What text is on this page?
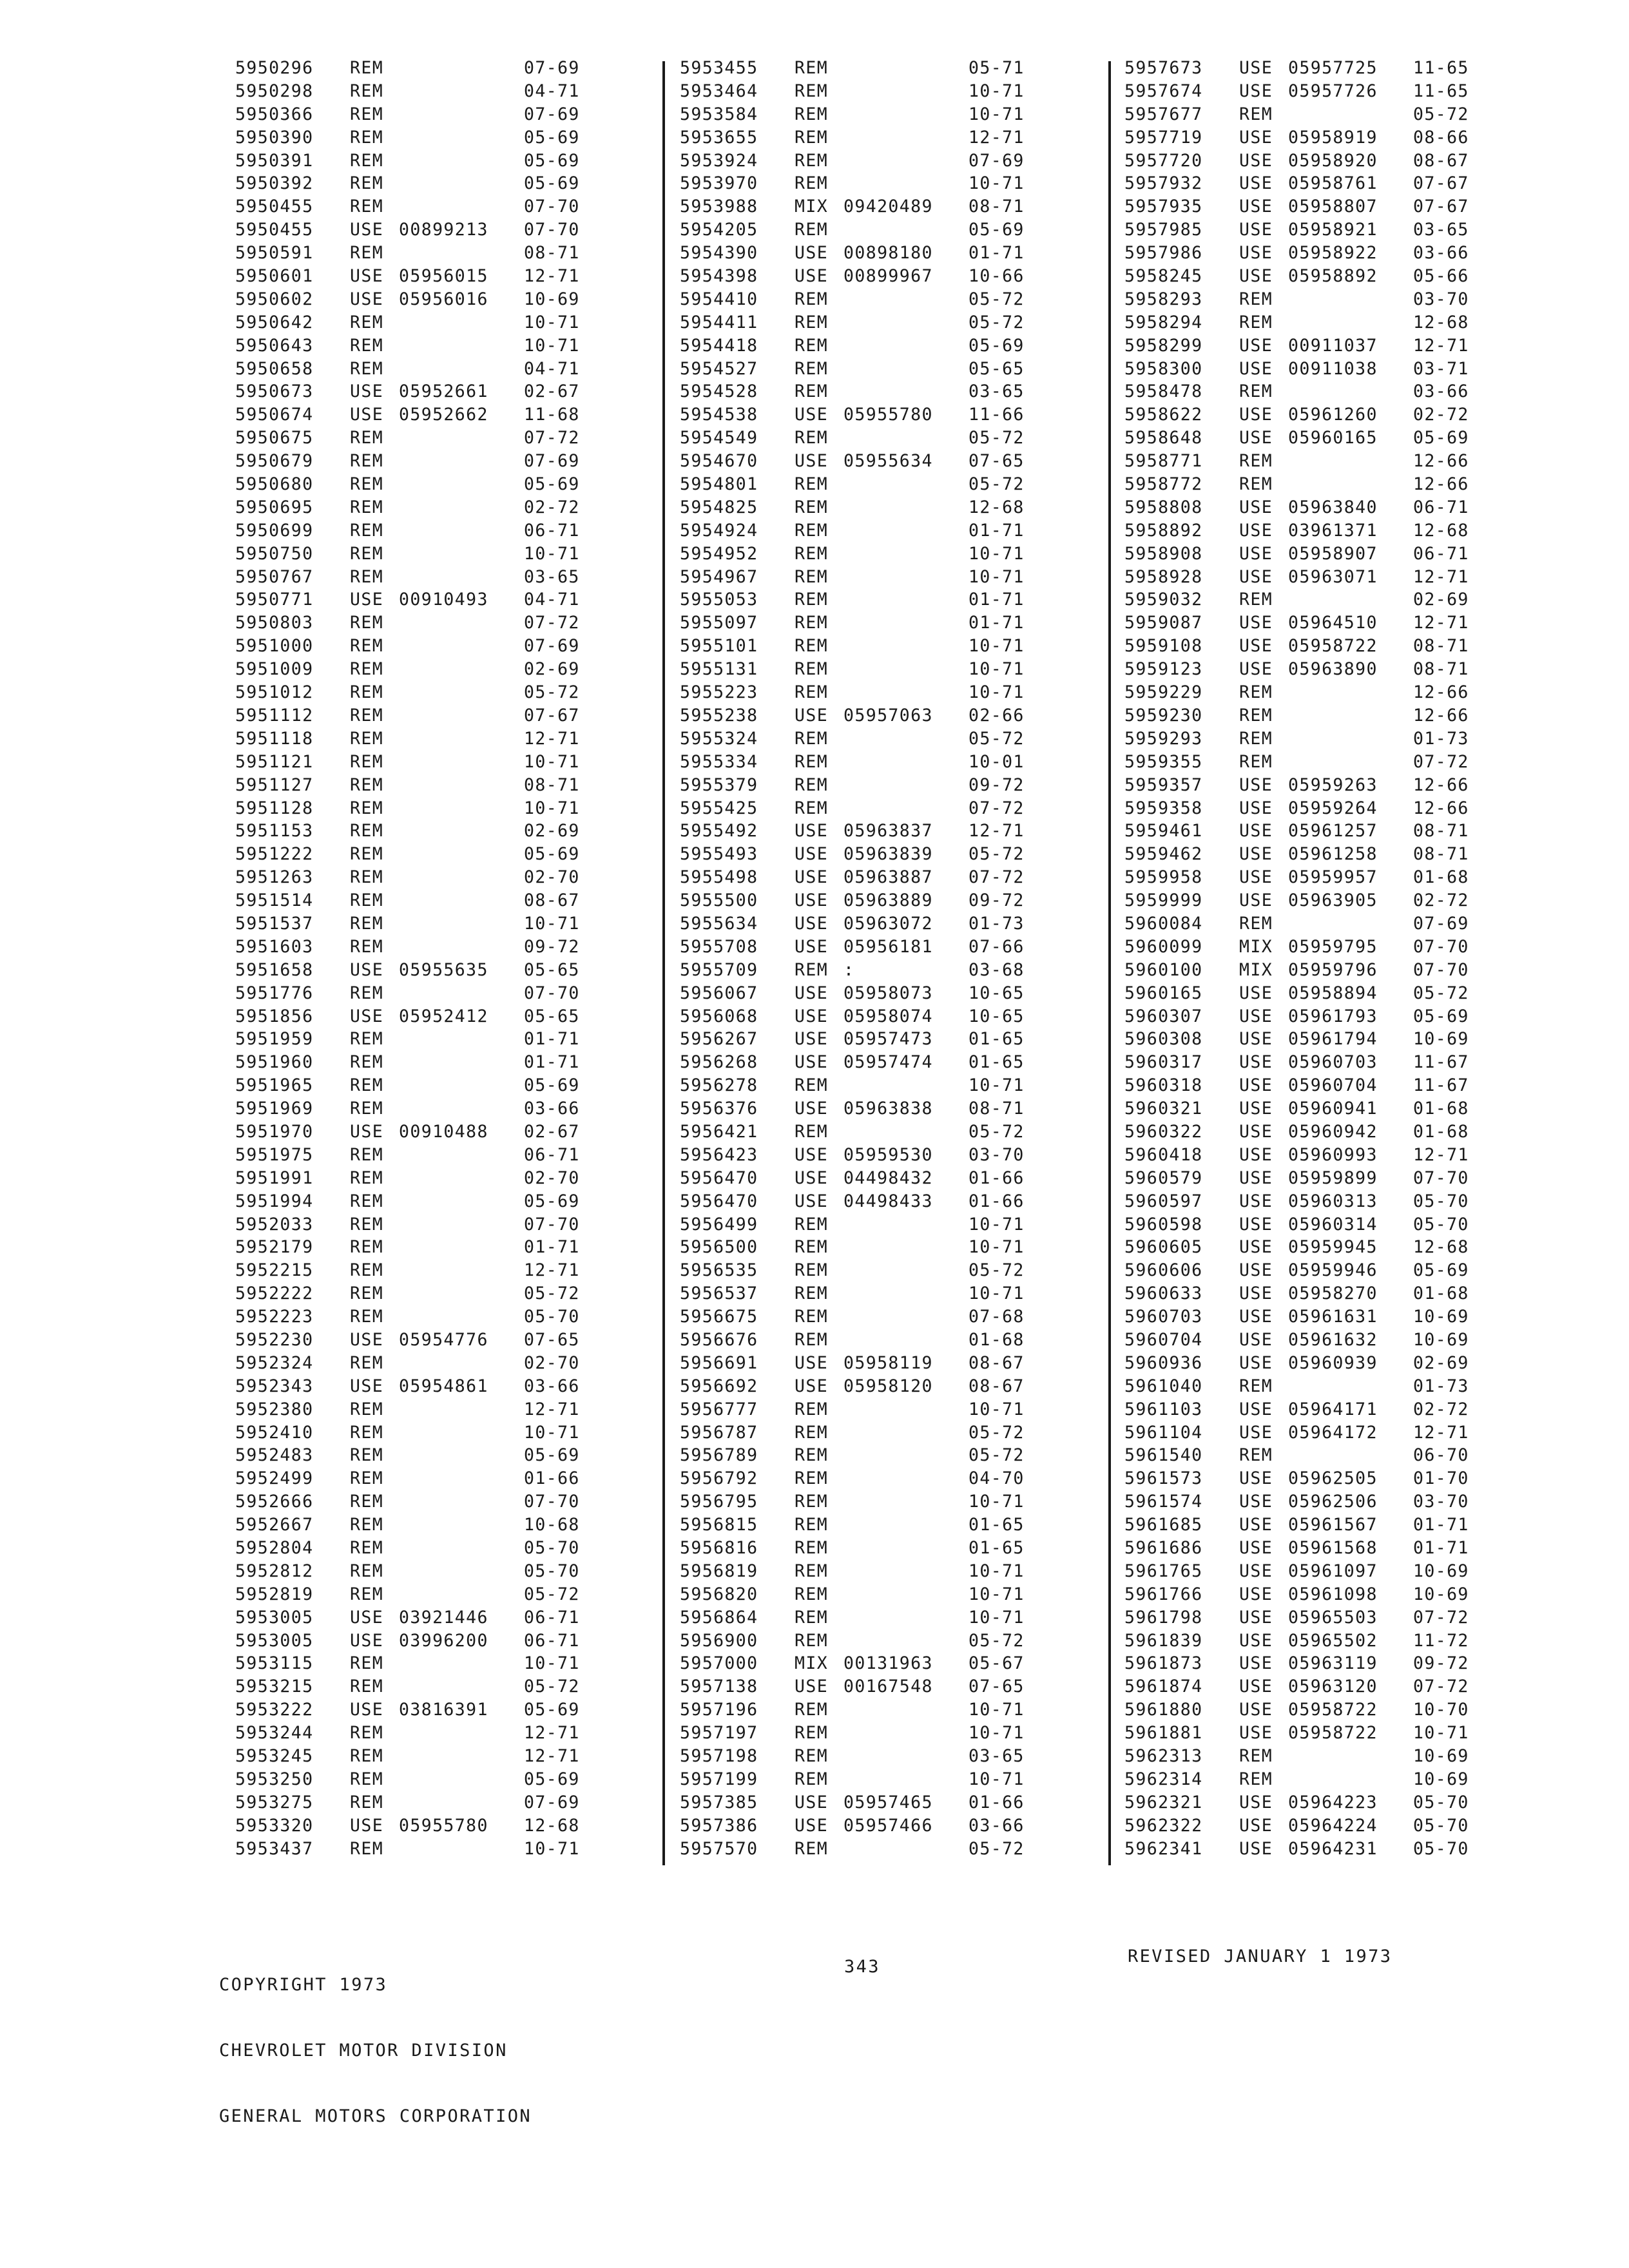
5950296	REM	07-69
5950298	REM	04-71
5950366	REM	07-69
5950390	REM	05-69
5950391	REM	05-69
5950392	REM	05-69
5950455	REM	07-70
5950455	USE 00899213	07-70
5950591	REM	08-71
5950601	USE 05956015	12-71
5950602	USE 05956016	10-69
5950642	REM	10-71
5950643	REM	10-71
5950658	REM	04-71
5950673	USE 05952661	02-67
5950674	USE 05952662	11-68
5950675	REM	07-72
5950679	REM	07-69
5950680	REM	05-69
5950695	REM	02-72
5950699	REM	06-71
5950750	REM	10-71
5950767	REM	03-65
5950771	USE 00910493	04-71
5950803	REM	07-72
5951000	REM	07-69
5951009	REM	02-69
5951012	REM	05-72
5951112	REM	07-67
5951118	REM	12-71
5951121	REM	10-71
5951127	REM	08-71
5951128	REM	10-71
5951153	REM	02-69
5951222	REM	05-69
5951263	REM	02-70
5951514	REM	08-67
5951537	REM	10-71
5951603	REM	09-72
5951658	USE 05955635	05-65
5951776	REM	07-70
5951856	USE 05952412	05-65
5951959	REM	01-71
5951960	REM	01-71
5951965	REM	05-69
5951969	REM	03-66
5951970	USE 00910488	02-67
5951975	REM	06-71
5951991	REM	02-70
5951994	REM	05-69
5952033	REM	07-70
5952179	REM	01-71
5952215	REM	12-71
5952222	REM	05-72
5952223	REM	05-70
5952230	USE 05954776	07-65
5952324	REM	02-70
5952343	USE 05954861	03-66
5952380	REM	12-71
5952410	REM	10-71
5952483	REM	05-69
5952499	REM	01-66
5952666	REM	07-70
5952667	REM	10-68
5952804	REM	05-70
5952812	REM	05-70
5952819	REM	05-72
5953005	USE 03921446	06-71
5953005	USE 03996200	06-71
5953115	REM	10-71
5953215	REM	05-72
5953222	USE 03816391	05-69
5953244	REM	12-71
5953245	REM	12-71
5953250	REM	05-69
5953275	REM	07-69
5953320	USE 05955780	12-68
5953437	REM	10-71
5953455	REM	05-71
5953464	REM	10-71
5953584	REM	10-71
5953655	REM	12-71
5953924	REM	07-69
5953970	REM	10-71
5953988	MIX 09420489	08-71
5954205	REM	05-69
5954390	USE 00898180	01-71
5954398	USE 00899967	10-66
5954410	REM	05-72
5954411	REM	05-72
5954418	REM	05-69
5954527	REM	05-65
5954528	REM	03-65
5954538	USE 05955780	11-66
5954549	REM	05-72
5954670	USE 05955634	07-65
5954801	REM	05-72
5954825	REM	12-68
5954924	REM	01-71
5954952	REM	10-71
5954967	REM	10-71
5955053	REM	01-71
5955097	REM	01-71
5955101	REM	10-71
5955131	REM	10-71
5955223	REM	10-71
5955238	USE 05957063	02-66
5955324	REM	05-72
5955334	REM	10-01
5955379	REM	09-72
5955425	REM	07-72
5955492	USE 05963837	12-71
5955493	USE 05963839	05-72
5955498	USE 05963887	07-72
5955500	USE 05963889	09-72
5955634	USE 05963072	01-73
5955708	USE 05956181	07-66
5955709	REM :	03-68
5956067	USE 05958073	10-65
5956068	USE 05958074	10-65
5956267	USE 05957473	01-65
5956268	USE 05957474	01-65
5956278	REM	10-71
5956376	USE 05963838	08-71
5956421	REM	05-72
5956423	USE 05959530	03-70
5956470	USE 04498432	01-66
5956470	USE 04498433	01-66
5956499	REM	10-71
5956500	REM	10-71
5956535	REM	05-72
5956537	REM	10-71
5956675	REM	07-68
5956676	REM	01-68
5956691	USE 05958119	08-67
5956692	USE 05958120	08-67
5956777	REM	10-71
5956787	REM	05-72
5956789	REM	05-72
5956792	REM	04-70
5956795	REM	10-71
5956815	REM	01-65
5956816	REM	01-65
5956819	REM	10-71
5956820	REM	10-71
5956864	REM	10-71
5956900	REM	05-72
5957000	MIX 00131963	05-67
5957138	USE 00167548	07-65
5957196	REM	10-71
5957197	REM	10-71
5957198	REM	03-65
5957199	REM	10-71
5957385	USE 05957465	01-66
5957386	USE 05957466	03-66
5957570	REM	05-72
5957673	USE 05957725	11-65
5957674	USE 05957726	11-65
5957677	REM	05-72
5957719	USE 05958919	08-66
5957720	USE 05958920	08-67
5957932	USE 05958761	07-67
5957935	USE 05958807	07-67
5957985	USE 05958921	03-65
5957986	USE 05958922	03-66
5958245	USE 05958892	05-66
5958293	REM	03-70
5958294	REM	12-68
5958299	USE 00911037	12-71
5958300	USE 00911038	03-71
5958478	REM	03-66
5958622	USE 05961260	02-72
5958648	USE 05960165	05-69
5958771	REM	12-66
5958772	REM	12-66
5958808	USE 05963840	06-71
5958892	USE 03961371	12-68
5958908	USE 05958907	06-71
5958928	USE 05963071	12-71
5959032	REM	02-69
5959087	USE 05964510	12-71
5959108	USE 05958722	08-71
5959123	USE 05963890	08-71
5959229	REM	12-66
5959230	REM	12-66
5959293	REM	01-73
5959355	REM	07-72
5959357	USE 05959263	12-66
5959358	USE 05959264	12-66
5959461	USE 05961257	08-71
5959462	USE 05961258	08-71
5959958	USE 05959957	01-68
5959999	USE 05963905	02-72
5960084	REM	07-69
5960099	MIX 05959795	07-70
5960100	MIX 05959796	07-70
5960165	USE 05958894	05-72
5960307	USE 05961793	05-69
5960308	USE 05961794	10-69
5960317	USE 05960703	11-67
5960318	USE 05960704	11-67
5960321	USE 05960941	01-68
5960322	USE 05960942	01-68
5960418	USE 05960993	12-71
5960579	USE 05959899	07-70
5960597	USE 05960313	05-70
5960598	USE 05960314	05-70
5960605	USE 05959945	12-68
5960606	USE 05959946	05-69
5960633	USE 05958270	01-68
5960703	USE 05961631	10-69
5960704	USE 05961632	10-69
5960936	USE 05960939	02-69
5961040	REM	01-73
5961103	USE 05964171	02-72
5961104	USE 05964172	12-71
5961540	REM	06-70
5961573	USE 05962505	01-70
5961574	USE 05962506	03-70
5961685	USE 05961567	01-71
5961686	USE 05961568	01-71
5961765	USE 05961097	10-69
5961766	USE 05961098	10-69
5961798	USE 05965503	07-72
5961839	USE 05965502	11-72
5961873	USE 05963119	09-72
5961874	USE 05963120	07-72
5961880	USE 05958722	10-70
5961881	USE 05958722	10-71
5962313	REM	10-69
5962314	REM	10-69
5962321	USE 05964223	05-70
5962322	USE 05964224	05-70
5962341	USE 05964231	05-70

COPYRIGHT 1973

CHEVROLET MOTOR DIVISION

GENERAL MOTORS CORPORATION

343
REVISED JANUARY 1 1973
